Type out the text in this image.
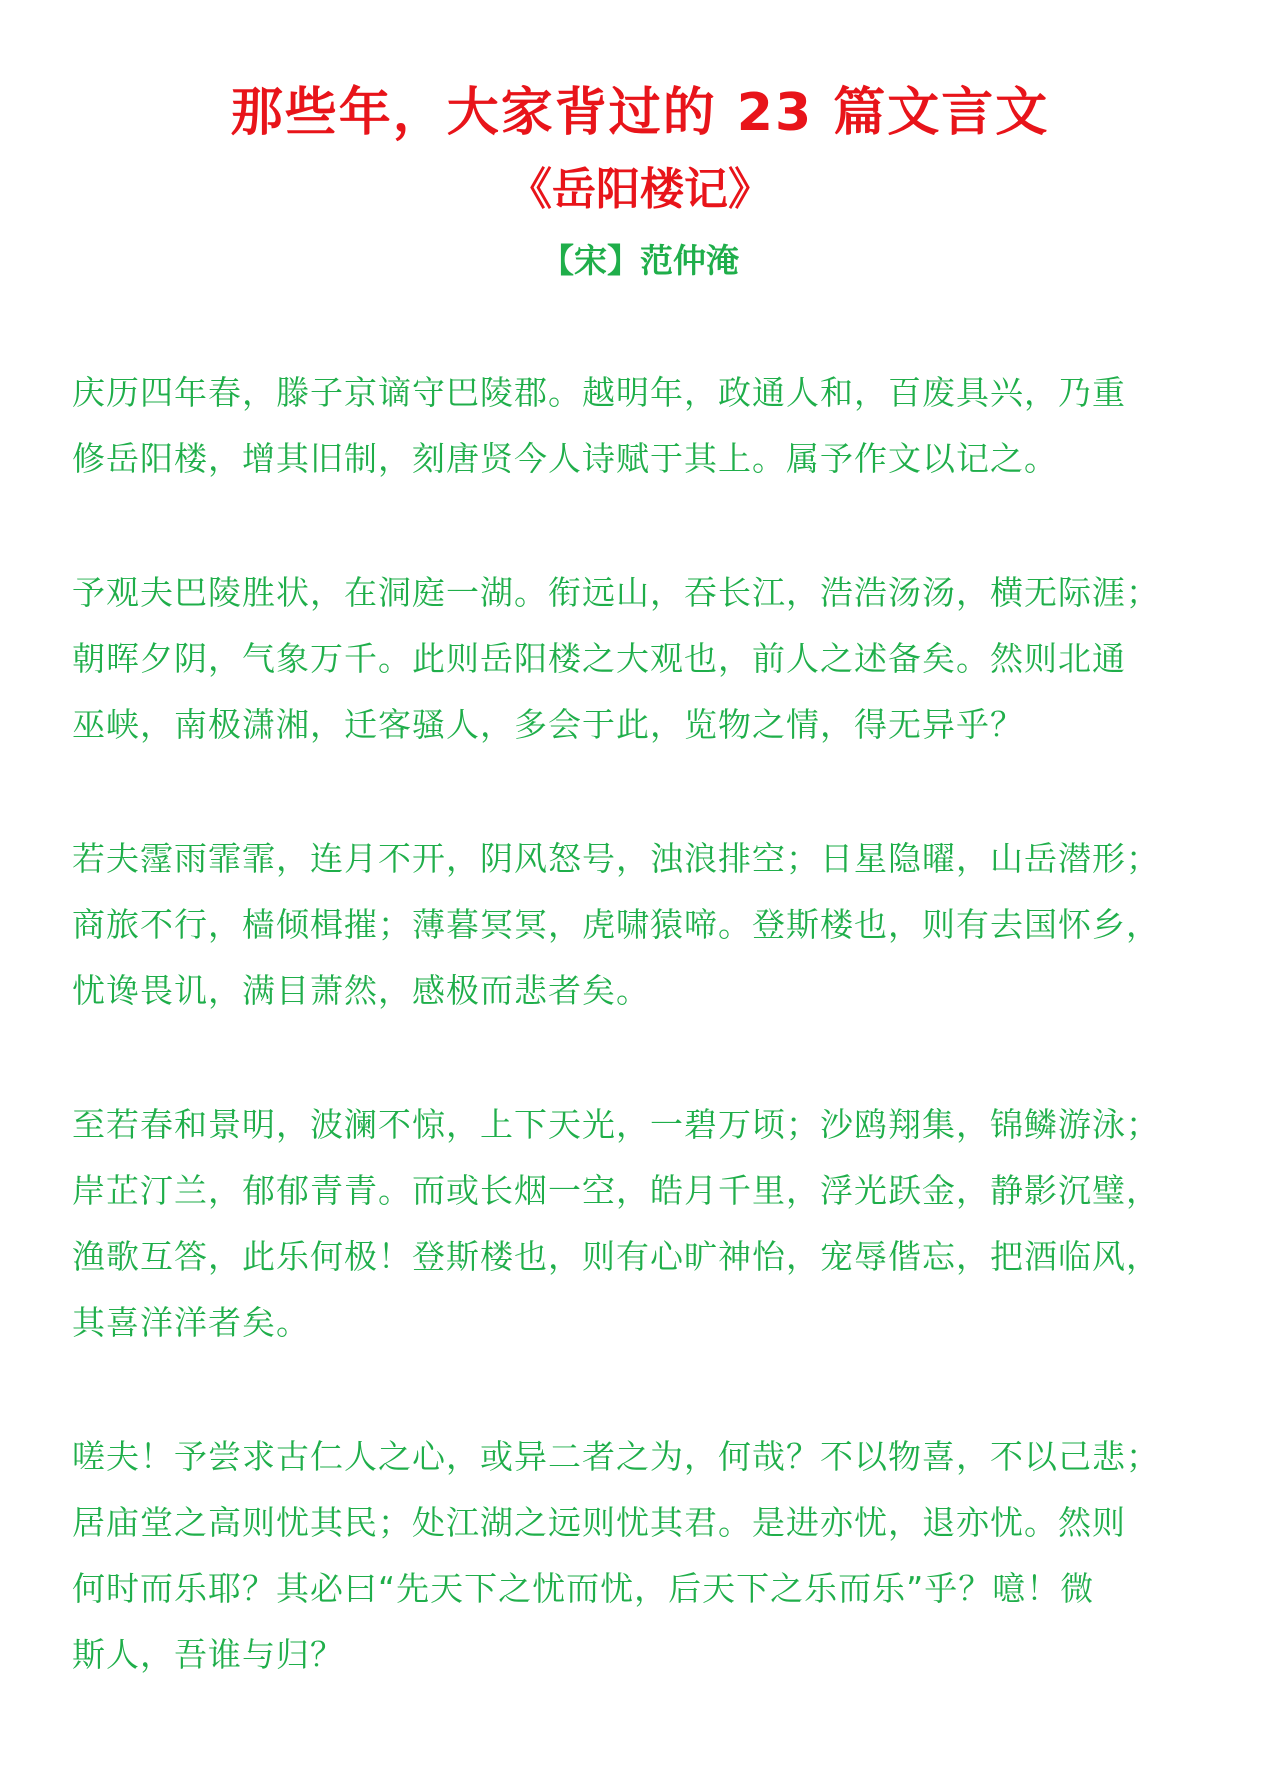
那些年，大家背过的 23 篇文言文
《岳阳楼记》
【宋】范仲淹

庆历四年春，滕子京谪守巴陵郡。越明年，政通人和，百废具兴，乃重
修岳阳楼，增其旧制，刻唐贤今人诗赋于其上。属予作文以记之。

予观夫巴陵胜状，在洞庭一湖。衔远山，吞长江，浩浩汤汤，横无际涯；
朝晖夕阴，气象万千。此则岳阳楼之大观也，前人之述备矣。然则北通
巫峡，南极潇湘，迁客骚人，多会于此，览物之情，得无异乎？

若夫霪雨霏霏，连月不开，阴风怒号，浊浪排空；日星隐曜，山岳潜形；
商旅不行，樯倾楫摧；薄暮冥冥，虎啸猿啼。登斯楼也，则有去国怀乡，
忧谗畏讥，满目萧然，感极而悲者矣。

至若春和景明，波澜不惊，上下天光，一碧万顷；沙鸥翔集，锦鳞游泳；
岸芷汀兰，郁郁青青。而或长烟一空，皓月千里，浮光跃金，静影沉璧，
渔歌互答，此乐何极！登斯楼也，则有心旷神怡，宠辱偕忘，把酒临风，
其喜洋洋者矣。

嗟夫！予尝求古仁人之心，或异二者之为，何哉？不以物喜，不以己悲；
居庙堂之高则忧其民；处江湖之远则忧其君。是进亦忧，退亦忧。然则
何时而乐耶？其必曰“先天下之忧而忧，后天下之乐而乐”乎？噫！微
斯人，吾谁与归？
